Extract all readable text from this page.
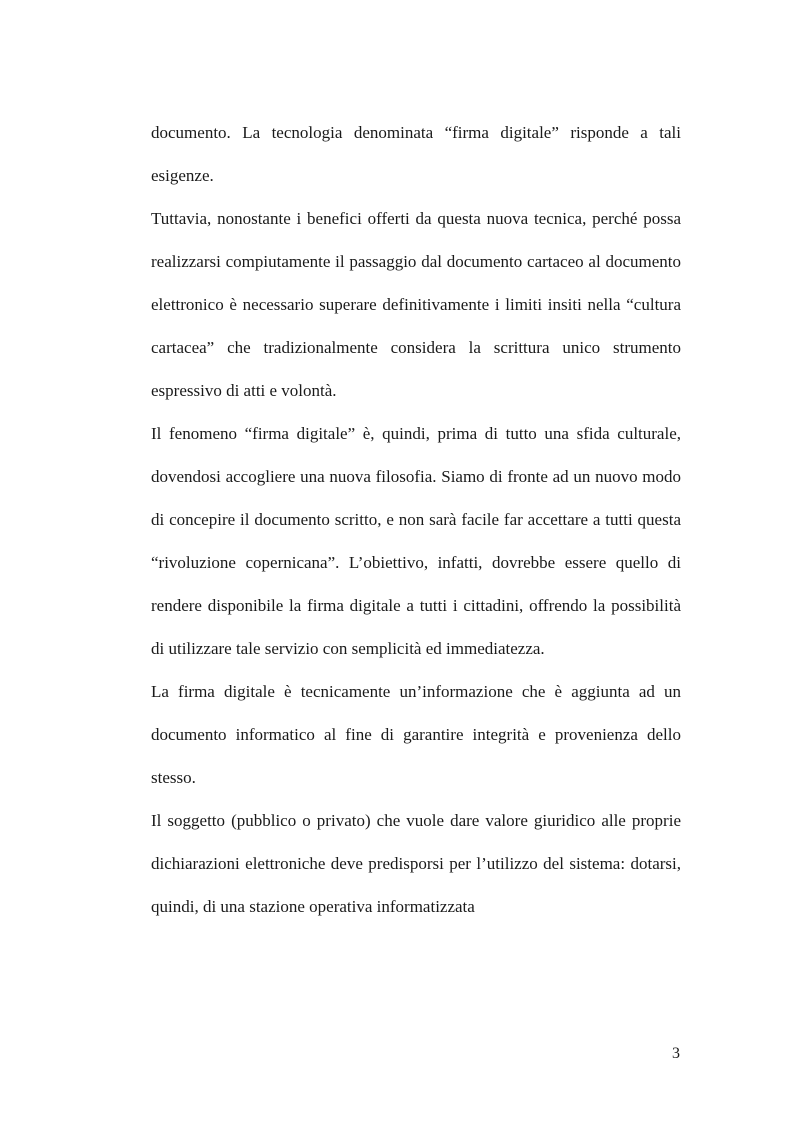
documento. La tecnologia denominata “firma digitale” risponde a tali esigenze.

Tuttavia, nonostante i benefici offerti da questa nuova tecnica, perché possa realizzarsi compiutamente il passaggio dal documento cartaceo al documento elettronico è necessario superare definitivamente i limiti insiti nella “cultura cartacea” che tradizionalmente considera la scrittura unico strumento espressivo di atti e volontà.

Il fenomeno “firma digitale” è, quindi, prima di tutto una sfida culturale, dovendosi accogliere una nuova filosofia. Siamo di fronte ad un nuovo modo di concepire il documento scritto, e non sarà facile far accettare a tutti questa “rivoluzione copernicana”. L’obiettivo, infatti, dovrebbe essere quello di rendere disponibile la firma digitale a tutti i cittadini, offrendo la possibilità di utilizzare tale servizio con semplicità ed immediatezza.

La firma digitale è tecnicamente un’informazione che è aggiunta ad un documento informatico al fine di garantire integrità e provenienza dello stesso.

Il soggetto (pubblico o privato) che vuole dare valore giuridico alle proprie dichiarazioni elettroniche deve predisporsi per l’utilizzo del sistema: dotarsi, quindi, di una stazione operativa informatizzata

3
